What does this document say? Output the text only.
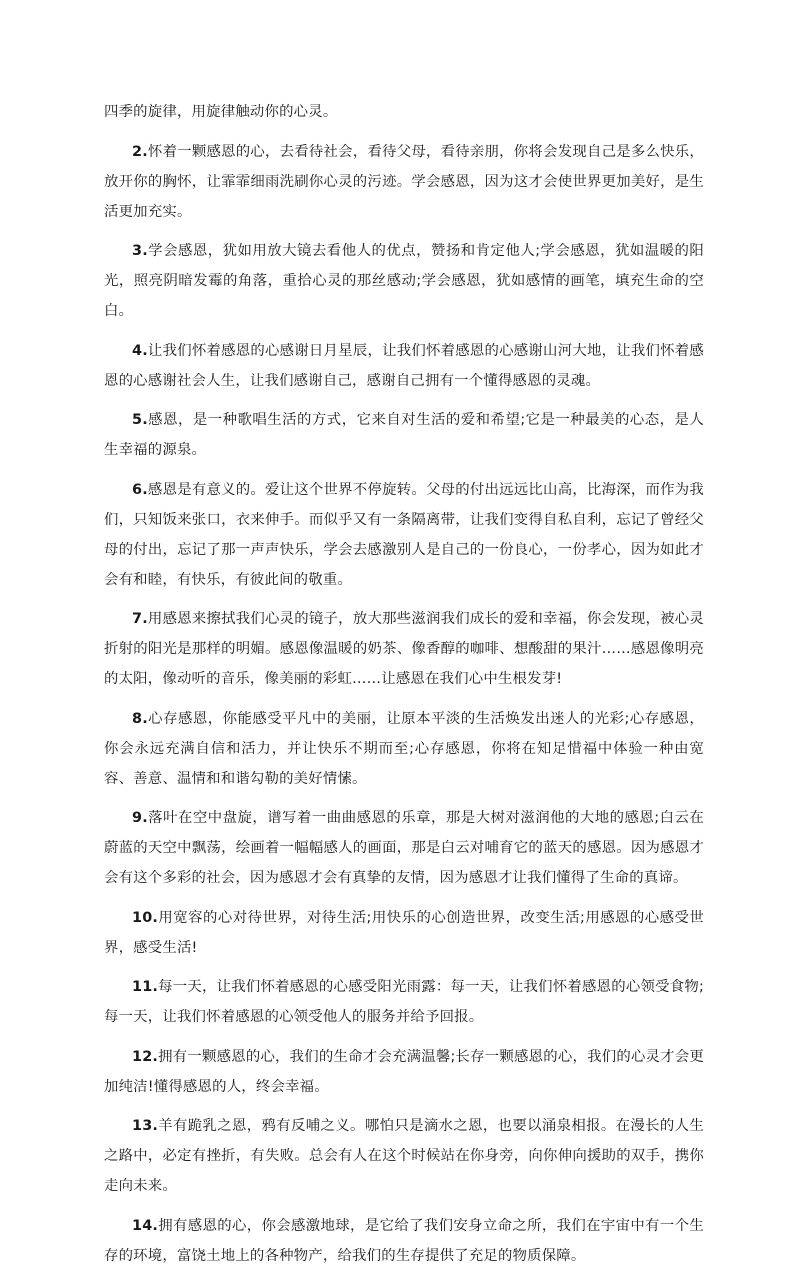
四季的旋律，用旋律触动你的心灵。

2.怀着一颗感恩的心，去看待社会，看待父母，看待亲朋，你将会发现自己是多么快乐，放开你的胸怀，让霏霏细雨洗刷你心灵的污迹。学会感恩，因为这才会使世界更加美好，是生活更加充实。

3.学会感恩，犹如用放大镜去看他人的优点，赞扬和肯定他人;学会感恩，犹如温暖的阳光，照亮阴暗发霉的角落，重拾心灵的那丝感动;学会感恩，犹如感情的画笔，填充生命的空白。

4.让我们怀着感恩的心感谢日月星辰，让我们怀着感恩的心感谢山河大地，让我们怀着感恩的心感谢社会人生，让我们感谢自己，感谢自己拥有一个懂得感恩的灵魂。

5.感恩，是一种歌唱生活的方式，它来自对生活的爱和希望;它是一种最美的心态，是人生幸福的源泉。

6.感恩是有意义的。爱让这个世界不停旋转。父母的付出远远比山高，比海深，而作为我们，只知饭来张口，衣来伸手。而似乎又有一条隔离带，让我们变得自私自利，忘记了曾经父母的付出，忘记了那一声声快乐，学会去感激别人是自己的一份良心，一份孝心，因为如此才会有和睦，有快乐，有彼此间的敬重。

7.用感恩来擦拭我们心灵的镜子，放大那些滋润我们成长的爱和幸福，你会发现，被心灵折射的阳光是那样的明媚。感恩像温暖的奶茶、像香醇的咖啡、想酸甜的果汁……感恩像明亮的太阳，像动听的音乐，像美丽的彩虹……让感恩在我们心中生根发芽!

8.心存感恩，你能感受平凡中的美丽，让原本平淡的生活焕发出迷人的光彩;心存感恩，你会永远充满自信和活力，并让快乐不期而至;心存感恩，你将在知足惜福中体验一种由宽容、善意、温情和和谐勾勒的美好情愫。

9.落叶在空中盘旋，谱写着一曲曲感恩的乐章，那是大树对滋润他的大地的感恩;白云在蔚蓝的天空中飘荡，绘画着一幅幅感人的画面，那是白云对哺育它的蓝天的感恩。因为感恩才会有这个多彩的社会，因为感恩才会有真挚的友情，因为感恩才让我们懂得了生命的真谛。

10.用宽容的心对待世界，对待生活;用快乐的心创造世界，改变生活;用感恩的心感受世界，感受生活!

11.每一天，让我们怀着感恩的心感受阳光雨露：每一天，让我们怀着感恩的心领受食物;每一天，让我们怀着感恩的心领受他人的服务并给予回报。

12.拥有一颗感恩的心，我们的生命才会充满温馨;长存一颗感恩的心，我们的心灵才会更加纯洁!懂得感恩的人，终会幸福。

13.羊有跪乳之恩，鸦有反哺之义。哪怕只是滴水之恩，也要以涌泉相报。在漫长的人生之路中，必定有挫折，有失败。总会有人在这个时候站在你身旁，向你伸向援助的双手，携你走向未来。

14.拥有感恩的心，你会感激地球，是它给了我们安身立命之所，我们在宇宙中有一个生存的环境，富饶土地上的各种物产，给我们的生存提供了充足的物质保障。
